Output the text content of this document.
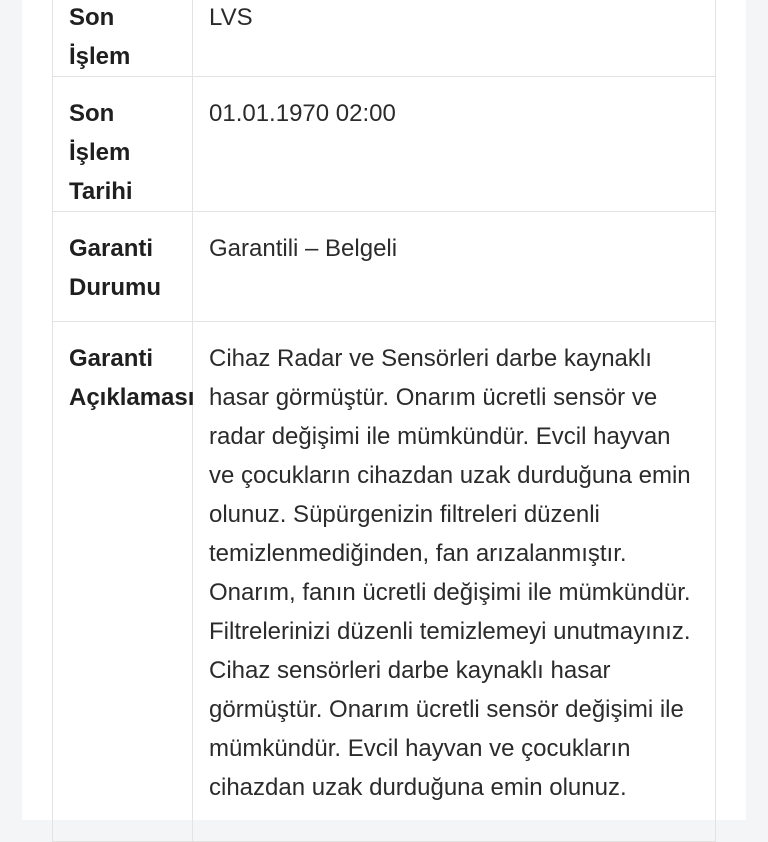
Son İşlem	LVS
Son İşlem Tarihi	01.01.1970 02:00
Garanti Durumu	Garantili – Belgeli
Garanti Açıklaması	Cihaz Radar ve Sensörleri darbe kaynaklı hasar görmüştür. Onarım ücretli sensör ve radar değişimi ile mümkündür. Evcil hayvan ve çocukların cihazdan uzak durduğuna emin olunuz. Süpürgenizin filtreleri düzenli temizlenmediğinden, fan arızalanmıştır. Onarım, fanın ücretli değişimi ile mümkündür. Filtrelerinizi düzenli temizlemeyi unutmayınız. Cihaz sensörleri darbe kaynaklı hasar görmüştür. Onarım ücretli sensör değişimi ile mümkündür. Evcil hayvan ve çocukların cihazdan uzak durduğuna emin olunuz.
